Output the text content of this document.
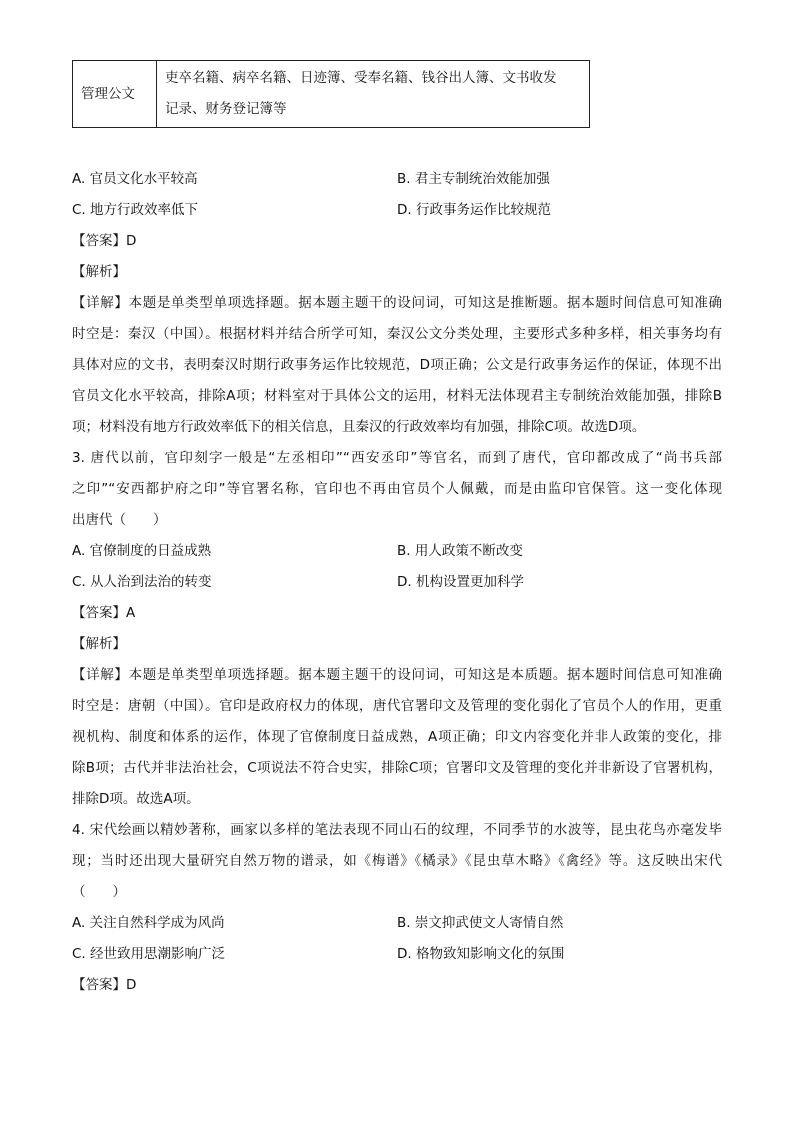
管理公文	
吏卒名籍、病卒名籍、日迹簿、受奉名籍、钱谷出人簿、文书收发
记录、财务登记簿等
A. 官员文化水平较高	B. 君主专制统治效能加强
C. 地方行政效率低下	D. 行政事务运作比较规范
【答案】D
【解析】
【详解】本题是单类型单项选择题。据本题主题干的设问词，可知这是推断题。据本题时间信息可知准确
时空是：秦汉（中国）。根据材料并结合所学可知，秦汉公文分类处理，主要形式多种多样，相关事务均有
具体对应的文书，表明秦汉时期行政事务运作比较规范，D项正确；公文是行政事务运作的保证，体现不出
官员文化水平较高，排除A项；材料室对于具体公文的运用，材料无法体现君主专制统治效能加强，排除B
项；材料没有地方行政效率低下的相关信息，且秦汉的行政效率均有加强，排除C项。故选D项。
3. 唐代以前，官印刻字一般是“左丞相印”“西安丞印”等官名，而到了唐代，官印都改成了“尚书兵部
之印”“安西都护府之印”等官署名称，官印也不再由官员个人佩戴，而是由监印官保管。这一变化体现
出唐代（　　）
A. 官僚制度的日益成熟	B. 用人政策不断改变
C. 从人治到法治的转变	D. 机构设置更加科学
【答案】A
【解析】
【详解】本题是单类型单项选择题。据本题主题干的设问词，可知这是本质题。据本题时间信息可知准确
时空是：唐朝（中国）。官印是政府权力的体现，唐代官署印文及管理的变化弱化了官员个人的作用，更重
视机构、制度和体系的运作，体现了官僚制度日益成熟，A项正确；印文内容变化并非人政策的变化，排
除B项；古代并非法治社会，C项说法不符合史实，排除C项；官署印文及管理的变化并非新设了官署机构，
排除D项。故选A项。
4. 宋代绘画以精妙著称，画家以多样的笔法表现不同山石的纹理，不同季节的水波等，昆虫花鸟亦毫发毕
现；当时还出现大量研究自然万物的谱录，如《梅谱》《橘录》《昆虫草木略》《禽经》等。这反映出宋代
（　　）
A. 关注自然科学成为风尚	B. 崇文抑武使文人寄情自然
C. 经世致用思潮影响广泛	D. 格物致知影响文化的氛围
【答案】D
